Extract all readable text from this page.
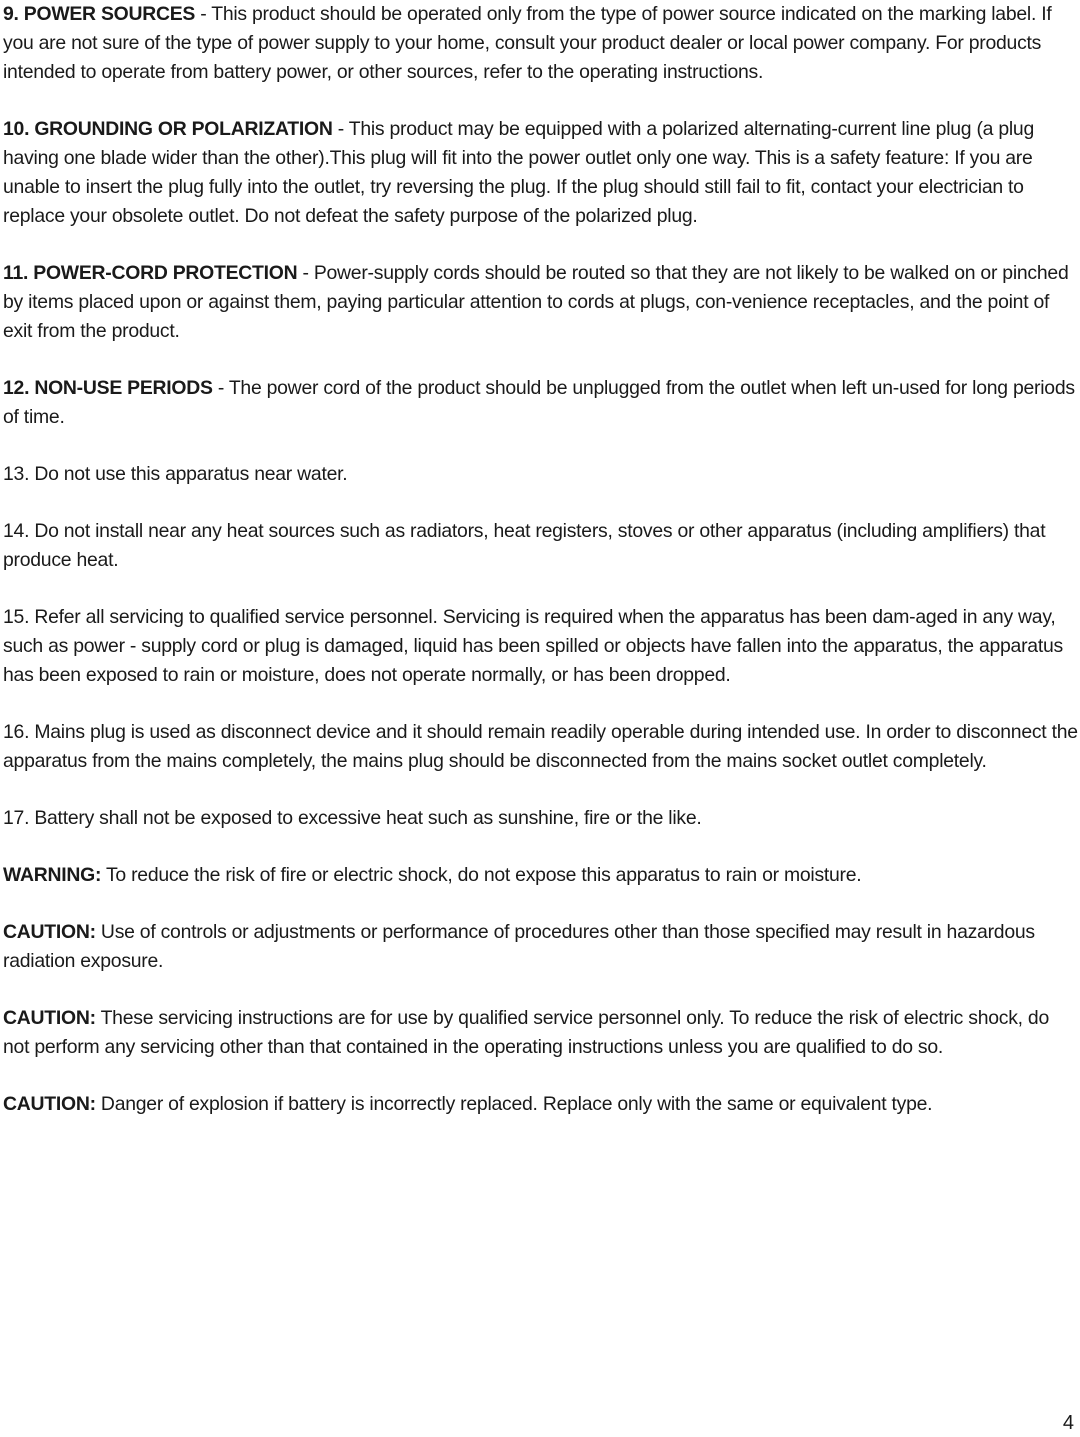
9. POWER SOURCES - This product should be operated only from the type of power source indicated on the marking label. If you are not sure of the type of power supply to your home, consult your product dealer or local power company. For products intended to operate from battery power, or other sources, refer to the operating instructions.

10. GROUNDING OR POLARIZATION - This product may be equipped with a polarized alternating-current line plug (a plug having one blade wider than the other).This plug will fit into the power outlet only one way. This is a safety feature: If you are unable to insert the plug fully into the outlet, try reversing the plug. If the plug should still fail to fit, contact your electrician to replace your obsolete outlet. Do not defeat the safety purpose of the polarized plug.

11. POWER-CORD PROTECTION - Power-supply cords should be routed so that they are not likely to be walked on or pinched by items placed upon or against them, paying particular attention to cords at plugs, con-venience receptacles, and the point of exit from the product.

12. NON-USE PERIODS - The power cord of the product should be unplugged from the outlet when left un-used for long periods of time.

13. Do not use this apparatus near water.

14. Do not install near any heat sources such as radiators, heat registers, stoves or other apparatus (including amplifiers) that produce heat.

15. Refer all servicing to qualified service personnel. Servicing is required when the apparatus has been dam-aged in any way, such as power - supply cord or plug is damaged, liquid has been spilled or objects have fallen into the apparatus, the apparatus has been exposed to rain or moisture, does not operate normally, or has been dropped.

16. Mains plug is used as disconnect device and it should remain readily operable during intended use. In order to disconnect the apparatus from the mains completely, the mains plug should be disconnected from the mains socket outlet completely.

17. Battery shall not be exposed to excessive heat such as sunshine, fire or the like.

WARNING: To reduce the risk of fire or electric shock, do not expose this apparatus to rain or moisture.

CAUTION: Use of controls or adjustments or performance of procedures other than those specified may result in hazardous radiation exposure.

CAUTION: These servicing instructions are for use by qualified service personnel only. To reduce the risk of electric shock, do not perform any servicing other than that contained in the operating instructions unless you are qualified to do so.

CAUTION: Danger of explosion if battery is incorrectly replaced. Replace only with the same or equivalent type.

4
